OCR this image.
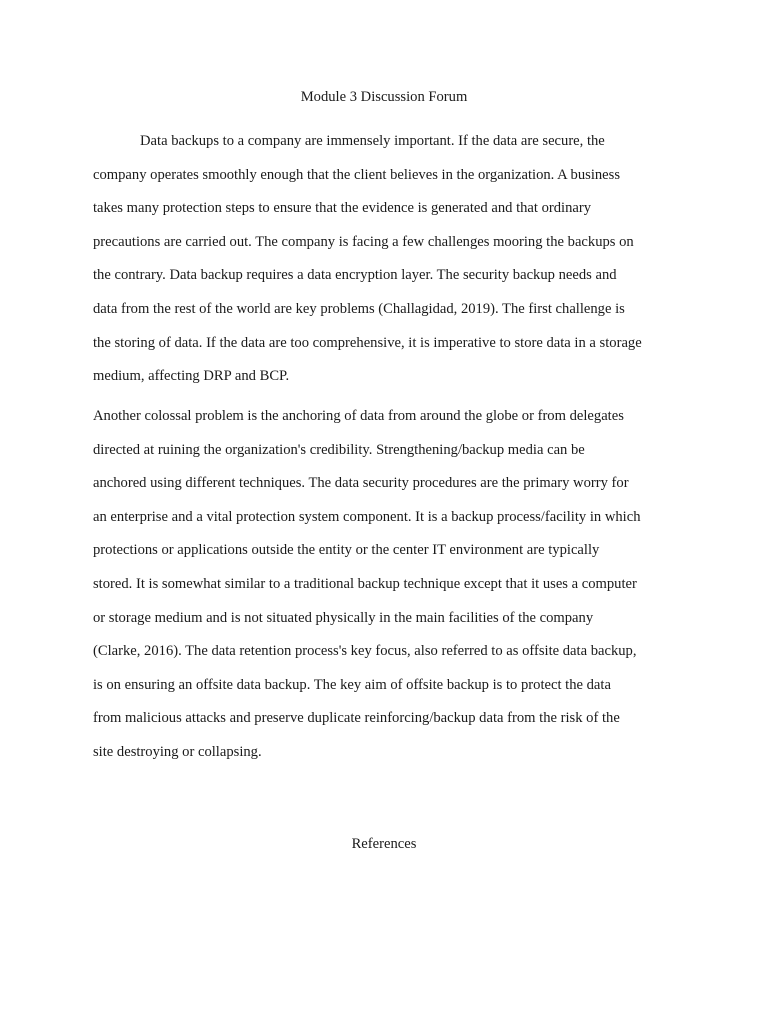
Module 3 Discussion Forum

Data backups to a company are immensely important. If the data are secure, the
company operates smoothly enough that the client believes in the organization. A business
takes many protection steps to ensure that the evidence is generated and that ordinary
precautions are carried out. The company is facing a few challenges mooring the backups on
the contrary. Data backup requires a data encryption layer. The security backup needs and
data from the rest of the world are key problems (Challagidad, 2019). The first challenge is
the storing of data. If the data are too comprehensive, it is imperative to store data in a storage
medium, affecting DRP and BCP.

Another colossal problem is the anchoring of data from around the globe or from delegates
directed at ruining the organization's credibility. Strengthening/backup media can be
anchored using different techniques. The data security procedures are the primary worry for
an enterprise and a vital protection system component. It is a backup process/facility in which
protections or applications outside the entity or the center IT environment are typically
stored. It is somewhat similar to a traditional backup technique except that it uses a computer
or storage medium and is not situated physically in the main facilities of the company
(Clarke, 2016). The data retention process's key focus, also referred to as offsite data backup,
is on ensuring an offsite data backup. The key aim of offsite backup is to protect the data
from malicious attacks and preserve duplicate reinforcing/backup data from the risk of the
site destroying or collapsing.

References
